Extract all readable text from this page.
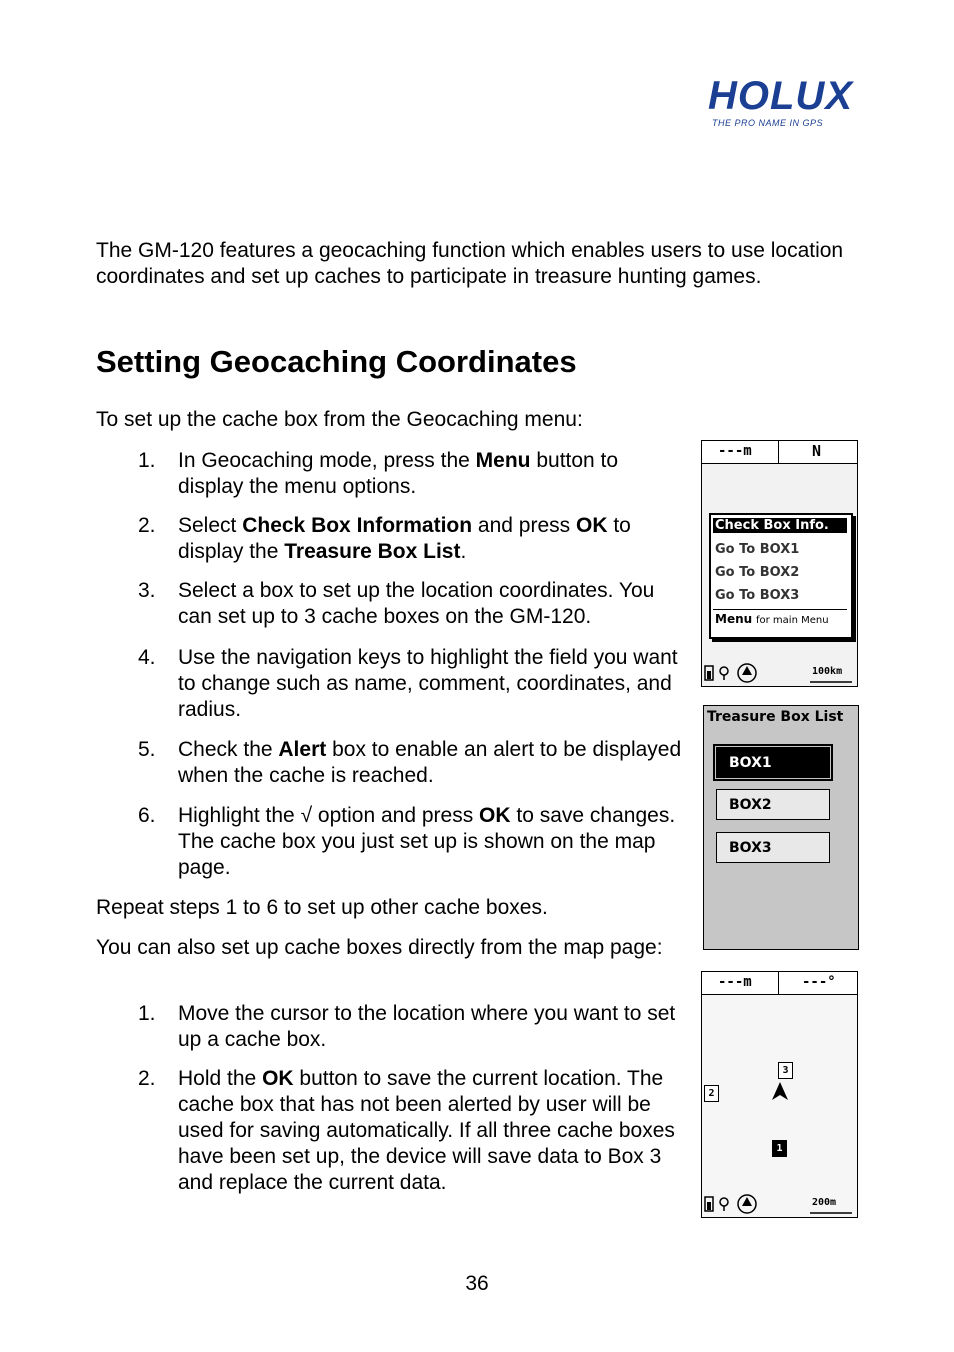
HOLUX
THE PRO NAME IN GPS
The GM-120 features a geocaching function which enables users to use location coordinates and set up caches to participate in treasure hunting games.
Setting Geocaching Coordinates
To set up the cache box from the Geocaching menu:
1. In Geocaching mode, press the Menu button to display the menu options.
2. Select Check Box Information and press OK to display the Treasure Box List.
3. Select a box to set up the location coordinates. You can set up to 3 cache boxes on the GM-120.
4. Use the navigation keys to highlight the field you want to change such as name, comment, coordinates, and radius.
5. Check the Alert box to enable an alert to be displayed when the cache is reached.
6. Highlight the √ option and press OK to save changes. The cache box you just set up is shown on the map page.
Repeat steps 1 to 6 to set up other cache boxes.
You can also set up cache boxes directly from the map page:
1. Move the cursor to the location where you want to set up a cache box.
2. Hold the OK button to save the current location. The cache box that has not been alerted by user will be used for saving automatically. If all three cache boxes have been set up, the device will save data to Box 3 and replace the current data.
36
---m	N
Check Box Info.
Go To BOX1
Go To BOX2
Go To BOX3
Menu for main Menu
100km
Treasure Box List
BOX1
BOX2
BOX3
---m	---°
3
2
1
200m
